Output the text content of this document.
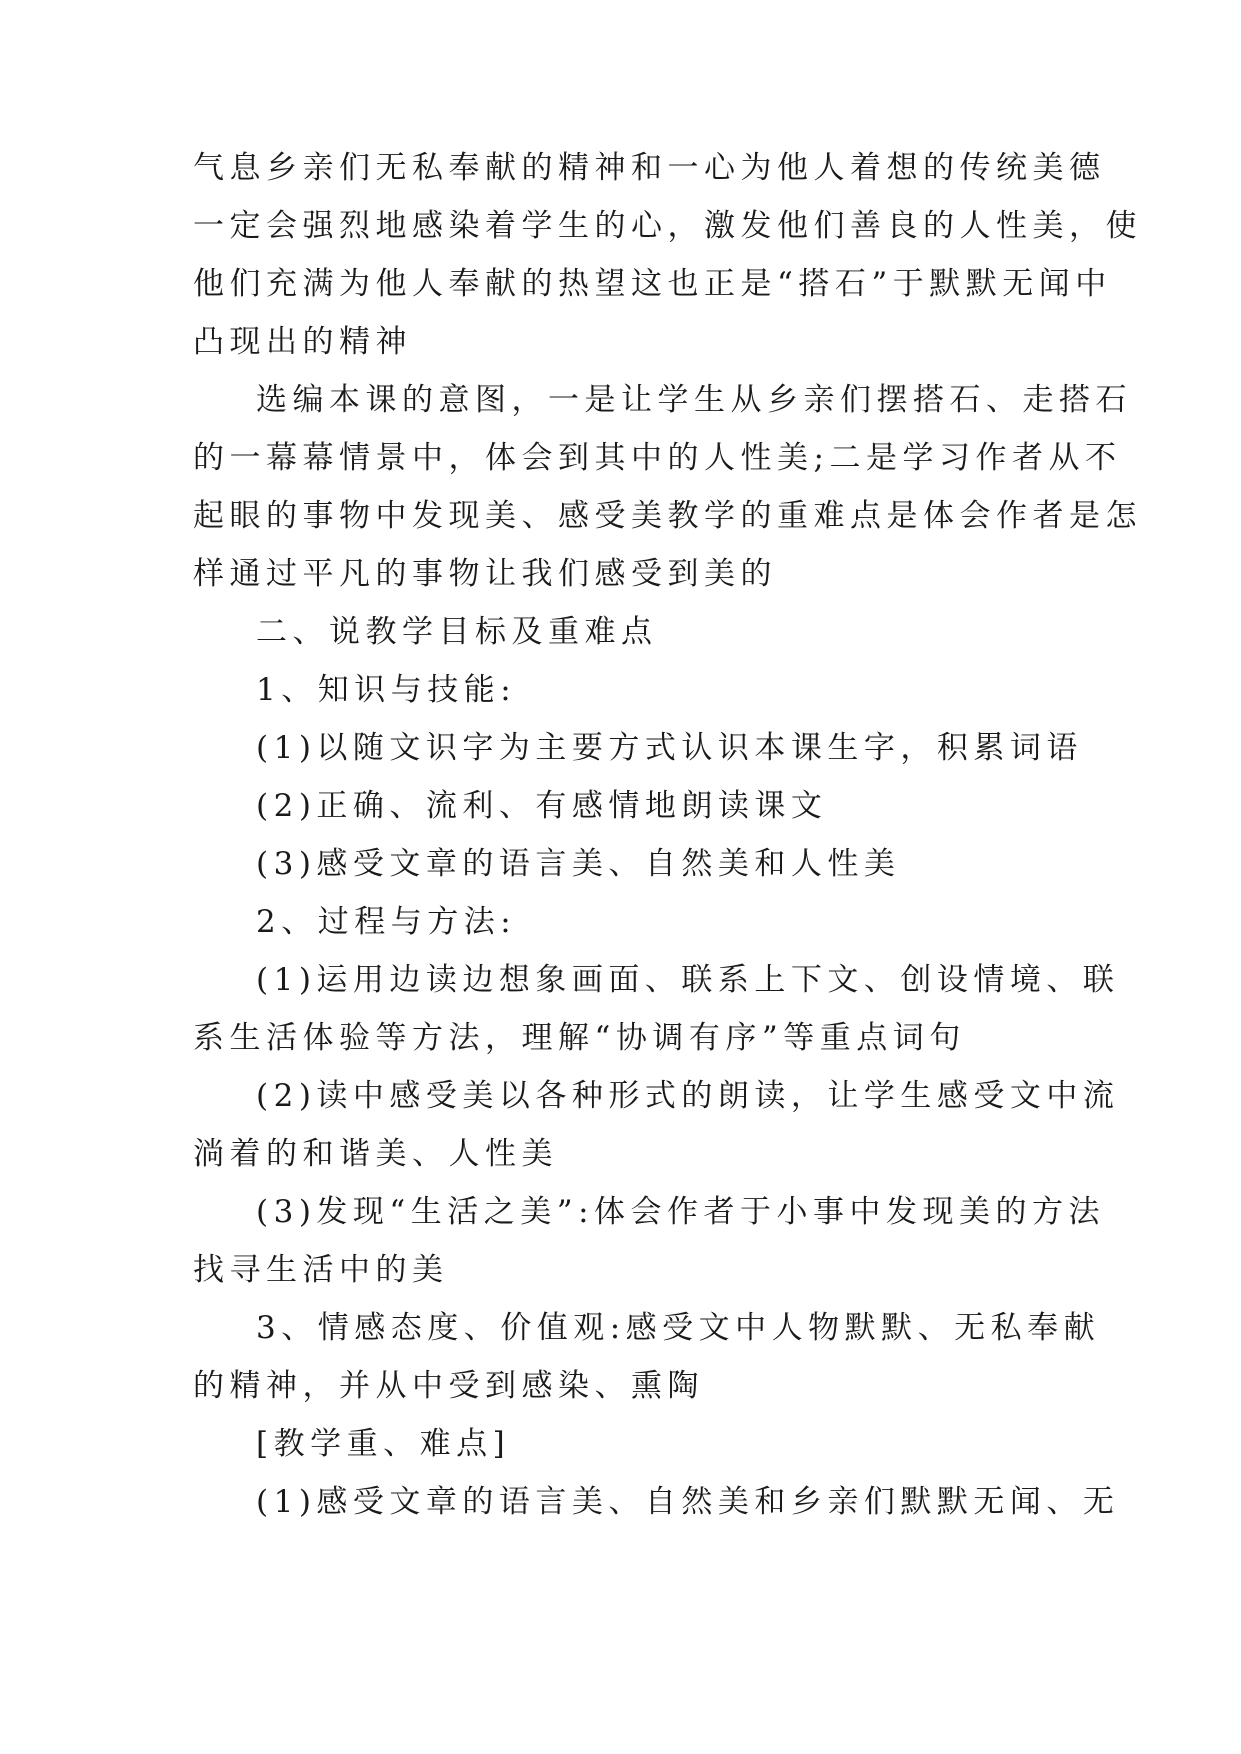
气息乡亲们无私奉献的精神和一心为他人着想的传统美德
一定会强烈地感染着学生的心，激发他们善良的人性美，使
他们充满为他人奉献的热望这也正是“搭石”于默默无闻中
凸现出的精神
选编本课的意图，一是让学生从乡亲们摆搭石、走搭石
的一幕幕情景中，体会到其中的人性美;二是学习作者从不
起眼的事物中发现美、感受美教学的重难点是体会作者是怎
样通过平凡的事物让我们感受到美的
二、说教学目标及重难点
1、知识与技能:
(1)以随文识字为主要方式认识本课生字，积累词语
(2)正确、流利、有感情地朗读课文
(3)感受文章的语言美、自然美和人性美
2、过程与方法:
(1)运用边读边想象画面、联系上下文、创设情境、联
系生活体验等方法，理解“协调有序”等重点词句
(2)读中感受美以各种形式的朗读，让学生感受文中流
淌着的和谐美、人性美
(3)发现“生活之美”:体会作者于小事中发现美的方法
找寻生活中的美
3、情感态度、价值观:感受文中人物默默、无私奉献
的精神，并从中受到感染、熏陶
[教学重、难点]
(1)感受文章的语言美、自然美和乡亲们默默无闻、无
